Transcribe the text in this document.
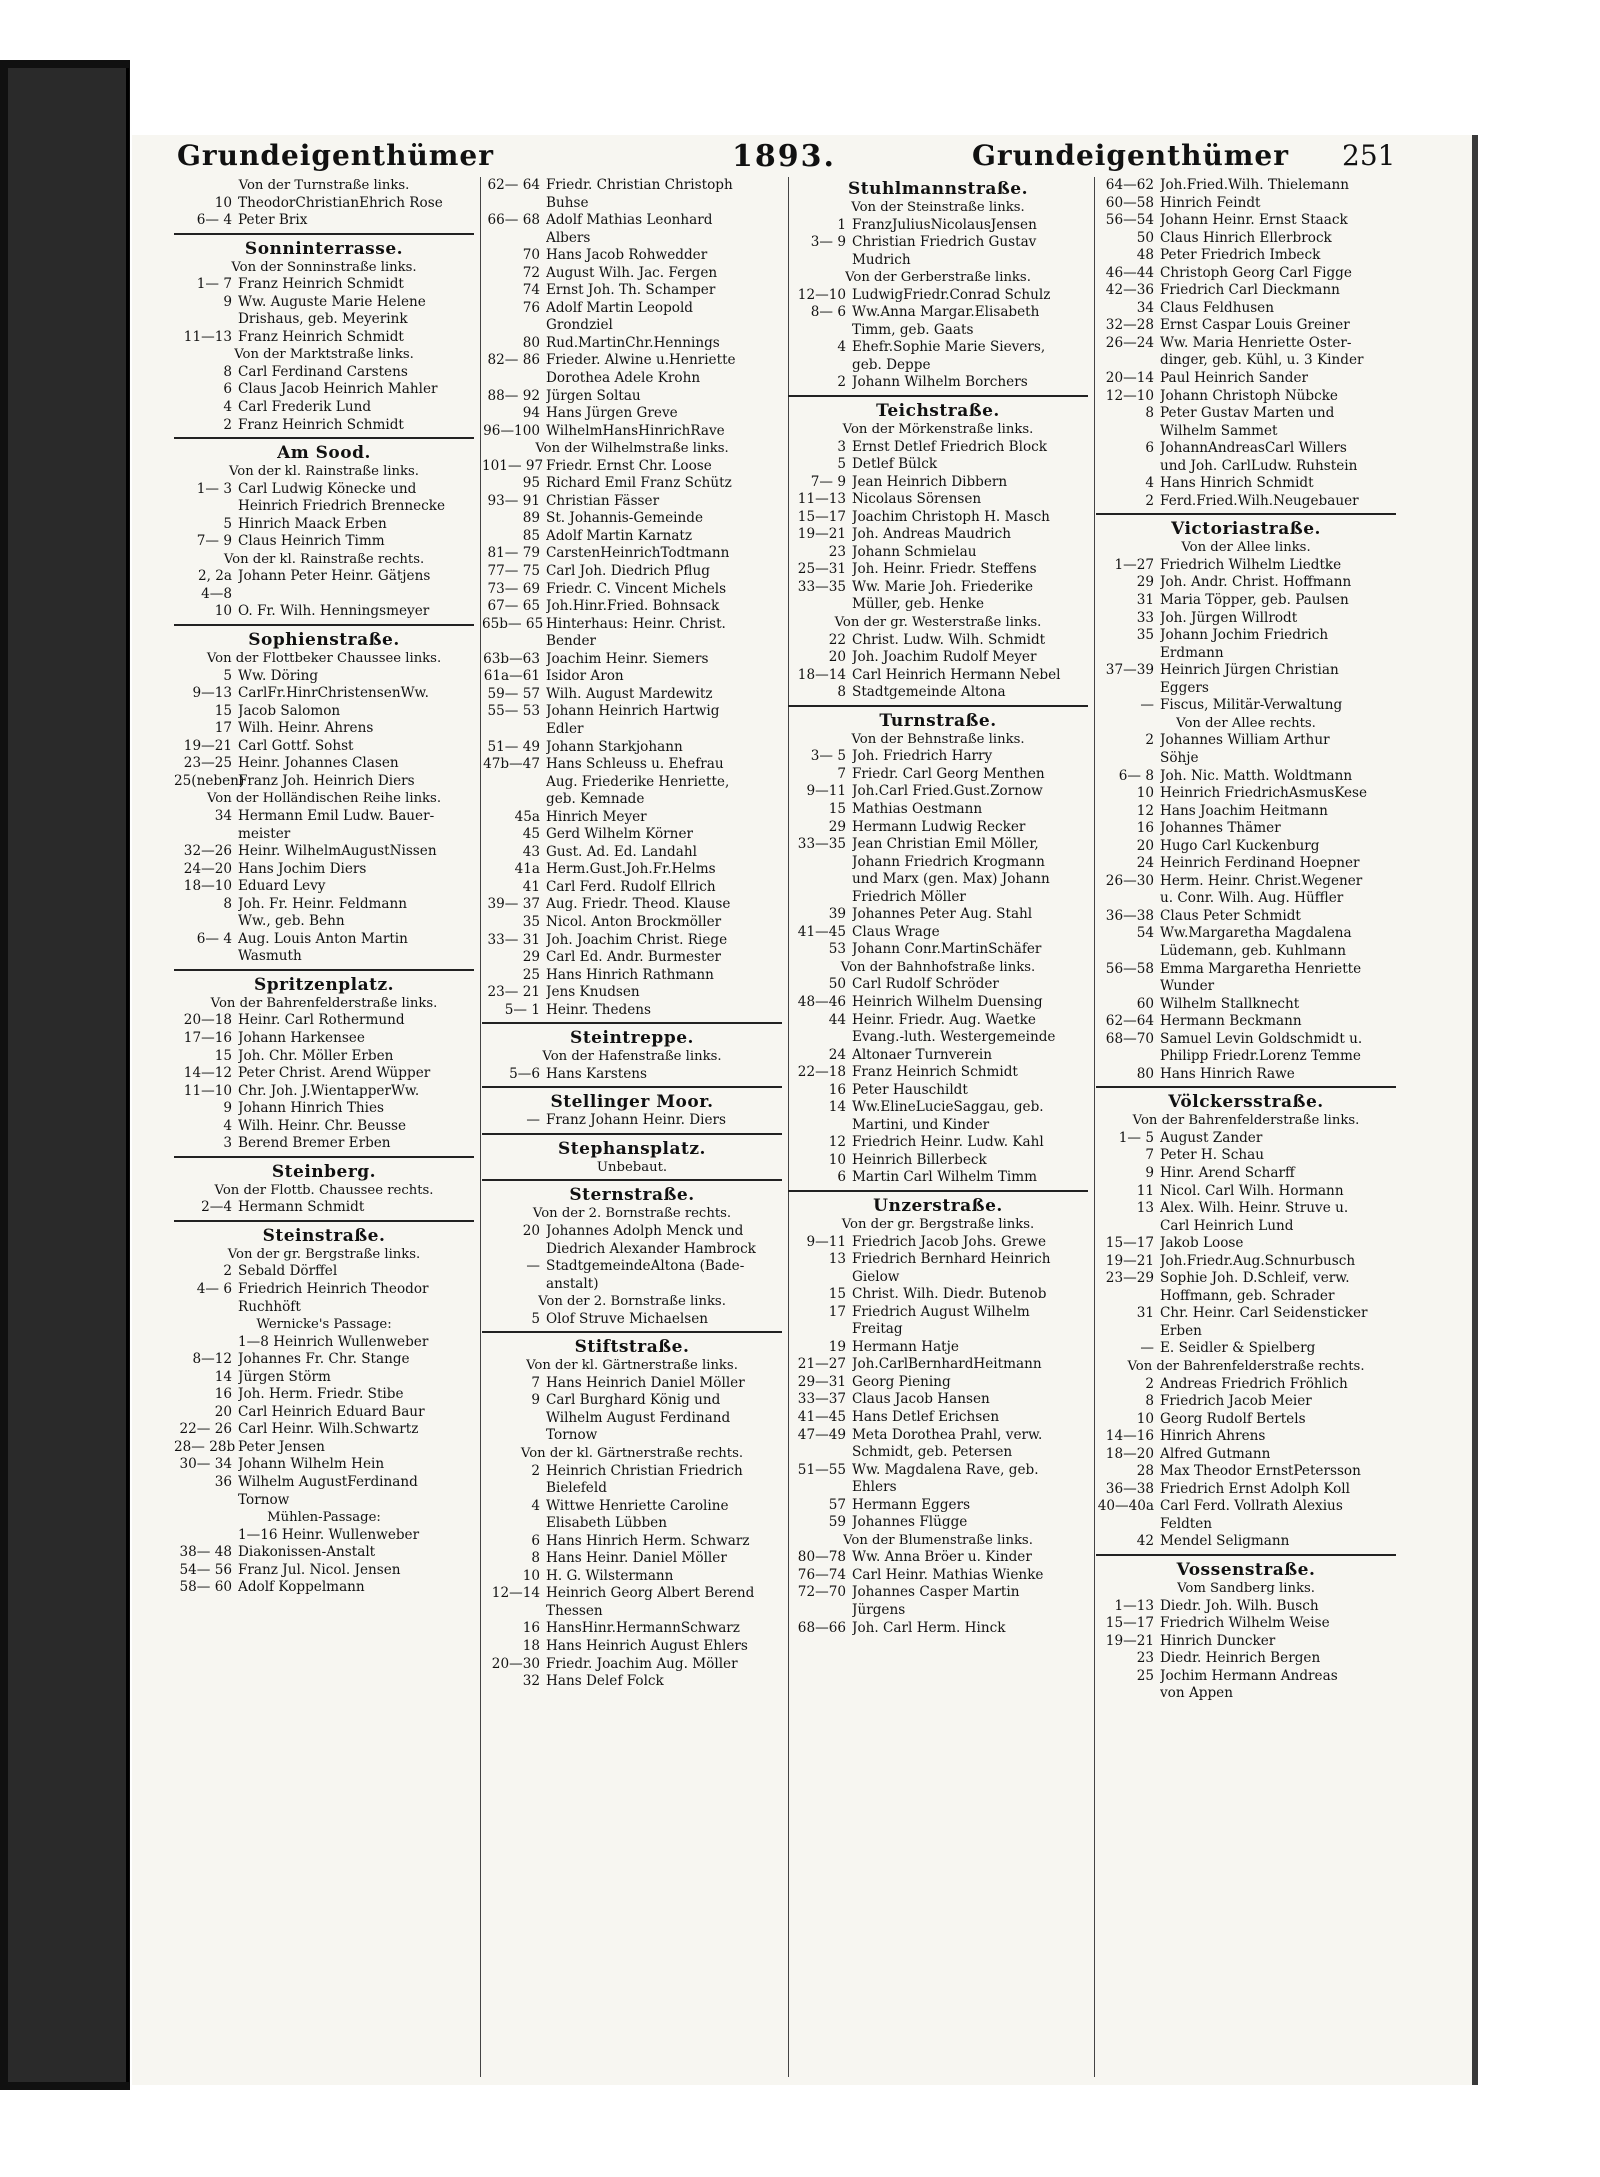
Grundeigenthümer	1893.	Grundeigenthümer 251
Von der Turnstraße links.
10 TheodorChristianEhrich Rose
6— 4 Peter Brix
Sonninterrasse.
Von der Sonninstraße links.
1— 7 Franz Heinrich Schmidt
9 Ww. Auguste Marie Helene
Drishaus, geb. Meyerink
11—13 Franz Heinrich Schmidt
Von der Marktstraße links.
8 Carl Ferdinand Carstens
6 Claus Jacob Heinrich Mahler
4 Carl Frederik Lund
2 Franz Heinrich Schmidt
Am Sood.
Von der kl. Rainstraße links.
1— 3 Carl Ludwig Könecke und
Heinrich Friedrich Brennecke
5 Hinrich Maack Erben
7— 9 Claus Heinrich Timm
Von der kl. Rainstraße rechts.
2, 2a Johann Peter Heinr. Gätjens
4—8
10 O. Fr. Wilh. Henningsmeyer
Sophienstraße.
Von der Flottbeker Chaussee links.
5 Ww. Döring
9—13 CarlFr.HinrChristensenWw.
15 Jacob Salomon
17 Wilh. Heinr. Ahrens
19—21 Carl Gottf. Sohst
23—25 Heinr. Johannes Clasen
25(neben)
Franz Joh. Heinrich Diers
Von der Holländischen Reihe links.
34 Hermann Emil Ludw. Bauer-
meister
32—26 Heinr. WilhelmAugustNissen
24—20 Hans Jochim Diers
18—10 Eduard Levy
8 Joh. Fr. Heinr. Feldmann
Ww., geb. Behn
6— 4 Aug. Louis Anton Martin
Wasmuth
Spritzenplatz.
Von der Bahrenfelderstraße links.
20—18 Heinr. Carl Rothermund
17—16 Johann Harkensee
15 Joh. Chr. Möller Erben
14—12 Peter Christ. Arend Wüpper
11—10 Chr. Joh. J.WientapperWw.
9 Johann Hinrich Thies
4 Wilh. Heinr. Chr. Beusse
3 Berend Bremer Erben
Steinberg.
Von der Flottb. Chaussee rechts.
2—4 Hermann Schmidt
Steinstraße.
Von der gr. Bergstraße links.
2 Sebald Dörffel
4— 6 Friedrich Heinrich Theodor
Ruchhöft
Wernicke's Passage:
1—8 Heinrich Wullenweber
8—12 Johannes Fr. Chr. Stange
14 Jürgen Störm
16 Joh. Herm. Friedr. Stibe
20 Carl Heinrich Eduard Baur
22— 26 Carl Heinr. Wilh.Schwartz
28— 28b Peter Jensen
30— 34 Johann Wilhelm Hein
36 Wilhelm AugustFerdinand
Tornow
Mühlen-Passage:
1—16 Heinr. Wullenweber
38— 48 Diakonissen-Anstalt
54— 56 Franz Jul. Nicol. Jensen
58— 60 Adolf Koppelmann
62— 64 Friedr. Christian Christoph
Buhse
66— 68 Adolf Mathias Leonhard
Albers
70 Hans Jacob Rohwedder
72 August Wilh. Jac. Fergen
74 Ernst Joh. Th. Schamper
76 Adolf Martin Leopold
Grondziel
80 Rud.MartinChr.Hennings
82— 86 Frieder. Alwine u.Henriette
Dorothea Adele Krohn
88— 92 Jürgen Soltau
94 Hans Jürgen Greve
96—100 WilhelmHansHinrichRave
Von der Wilhelmstraße links.
101— 97 Friedr. Ernst Chr. Loose
95 Richard Emil Franz Schütz
93— 91 Christian Fässer
89 St. Johannis-Gemeinde
85 Adolf Martin Karnatz
81— 79 CarstenHeinrichTodtmann
77— 75 Carl Joh. Diedrich Pflug
73— 69 Friedr. C. Vincent Michels
67— 65 Joh.Hinr.Fried. Bohnsack
65b— 65 Hinterhaus: Heinr. Christ.
Bender
63b—63 Joachim Heinr. Siemers
61a—61 Isidor Aron
59— 57 Wilh. August Mardewitz
55— 53 Johann Heinrich Hartwig
Edler
51— 49 Johann Starkjohann
47b—47 Hans Schleuss u. Ehefrau
Aug. Friederike Henriette,
geb. Kemnade
45a Hinrich Meyer
45 Gerd Wilhelm Körner
43 Gust. Ad. Ed. Landahl
41a Herm.Gust.Joh.Fr.Helms
41 Carl Ferd. Rudolf Ellrich
39— 37 Aug. Friedr. Theod. Klause
35 Nicol. Anton Brockmöller
33— 31 Joh. Joachim Christ. Riege
29 Carl Ed. Andr. Burmester
25 Hans Hinrich Rathmann
23— 21 Jens Knudsen
5— 1 Heinr. Thedens
Steintreppe.
Von der Hafenstraße links.
5—6 Hans Karstens
Stellinger Moor.
— Franz Johann Heinr. Diers
Stephansplatz.
Unbebaut.
Sternstraße.
Von der 2. Bornstraße rechts.
20 Johannes Adolph Menck und
Diedrich Alexander Hambrock
— StadtgemeindeAltona (Bade-
anstalt)
Von der 2. Bornstraße links.
5 Olof Struve Michaelsen
Stiftstraße.
Von der kl. Gärtnerstraße links.
7 Hans Heinrich Daniel Möller
9 Carl Burghard König und
Wilhelm August Ferdinand
Tornow
Von der kl. Gärtnerstraße rechts.
2 Heinrich Christian Friedrich
Bielefeld
4 Wittwe Henriette Caroline
Elisabeth Lübben
6 Hans Hinrich Herm. Schwarz
8 Hans Heinr. Daniel Möller
10 H. G. Wilstermann
12—14 Heinrich Georg Albert Berend
Thessen
16 HansHinr.HermannSchwarz
18 Hans Heinrich August Ehlers
20—30 Friedr. Joachim Aug. Möller
32 Hans Delef Folck
Stuhlmannstraße.
Von der Steinstraße links.
1 FranzJuliusNicolausJensen
3— 9 Christian Friedrich Gustav
Mudrich
Von der Gerberstraße links.
12—10 LudwigFriedr.Conrad Schulz
8— 6 Ww.Anna Margar.Elisabeth
Timm, geb. Gaats
4 Ehefr.Sophie Marie Sievers,
geb. Deppe
2 Johann Wilhelm Borchers
Teichstraße.
Von der Mörkenstraße links.
3 Ernst Detlef Friedrich Block
5 Detlef Bülck
7— 9 Jean Heinrich Dibbern
11—13 Nicolaus Sörensen
15—17 Joachim Christoph H. Masch
19—21 Joh. Andreas Maudrich
23 Johann Schmielau
25—31 Joh. Heinr. Friedr. Steffens
33—35 Ww. Marie Joh. Friederike
Müller, geb. Henke
Von der gr. Westerstraße links.
22 Christ. Ludw. Wilh. Schmidt
20 Joh. Joachim Rudolf Meyer
18—14 Carl Heinrich Hermann Nebel
8 Stadtgemeinde Altona
Turnstraße.
Von der Behnstraße links.
3— 5 Joh. Friedrich Harry
7 Friedr. Carl Georg Menthen
9—11 Joh.Carl Fried.Gust.Zornow
15 Mathias Oestmann
29 Hermann Ludwig Recker
33—35 Jean Christian Emil Möller,
Johann Friedrich Krogmann
und Marx (gen. Max) Johann
Friedrich Möller
39 Johannes Peter Aug. Stahl
41—45 Claus Wrage
53 Johann Conr.MartinSchäfer
Von der Bahnhofstraße links.
50 Carl Rudolf Schröder
48—46 Heinrich Wilhelm Duensing
44 Heinr. Friedr. Aug. Waetke
Evang.-luth. Westergemeinde
24 Altonaer Turnverein
22—18 Franz Heinrich Schmidt
16 Peter Hauschildt
14 Ww.ElineLucieSaggau, geb.
Martini, und Kinder
12 Friedrich Heinr. Ludw. Kahl
10 Heinrich Billerbeck
6 Martin Carl Wilhelm Timm
Unzerstraße.
Von der gr. Bergstraße links.
9—11 Friedrich Jacob Johs. Grewe
13 Friedrich Bernhard Heinrich
Gielow
15 Christ. Wilh. Diedr. Butenob
17 Friedrich August Wilhelm
Freitag
19 Hermann Hatje
21—27 Joh.CarlBernhardHeitmann
29—31 Georg Piening
33—37 Claus Jacob Hansen
41—45 Hans Detlef Erichsen
47—49 Meta Dorothea Prahl, verw.
Schmidt, geb. Petersen
51—55 Ww. Magdalena Rave, geb.
Ehlers
57 Hermann Eggers
59 Johannes Flügge
Von der Blumenstraße links.
80—78 Ww. Anna Bröer u. Kinder
76—74 Carl Heinr. Mathias Wienke
72—70 Johannes Casper Martin
Jürgens
68—66 Joh. Carl Herm. Hinck
64—62 Joh.Fried.Wilh. Thielemann
60—58 Hinrich Feindt
56—54 Johann Heinr. Ernst Staack
50 Claus Hinrich Ellerbrock
48 Peter Friedrich Imbeck
46—44 Christoph Georg Carl Figge
42—36 Friedrich Carl Dieckmann
34 Claus Feldhusen
32—28 Ernst Caspar Louis Greiner
26—24 Ww. Maria Henriette Oster-
dinger, geb. Kühl, u. 3 Kinder
20—14 Paul Heinrich Sander
12—10 Johann Christoph Nübcke
8 Peter Gustav Marten und
Wilhelm Sammet
6 JohannAndreasCarl Willers
und Joh. CarlLudw. Ruhstein
4 Hans Hinrich Schmidt
2 Ferd.Fried.Wilh.Neugebauer
Victoriastraße.
Von der Allee links.
1—27 Friedrich Wilhelm Liedtke
29 Joh. Andr. Christ. Hoffmann
31 Maria Töpper, geb. Paulsen
33 Joh. Jürgen Willrodt
35 Johann Jochim Friedrich
Erdmann
37—39 Heinrich Jürgen Christian
Eggers
— Fiscus, Militär-Verwaltung
Von der Allee rechts.
2 Johannes William Arthur
Söhje
6— 8 Joh. Nic. Matth. Woldtmann
10 Heinrich FriedrichAsmusKese
12 Hans Joachim Heitmann
16 Johannes Thämer
20 Hugo Carl Kuckenburg
24 Heinrich Ferdinand Hoepner
26—30 Herm. Heinr. Christ.Wegener
u. Conr. Wilh. Aug. Hüffler
36—38 Claus Peter Schmidt
54 Ww.Margaretha Magdalena
Lüdemann, geb. Kuhlmann
56—58 Emma Margaretha Henriette
Wunder
60 Wilhelm Stallknecht
62—64 Hermann Beckmann
68—70 Samuel Levin Goldschmidt u.
Philipp Friedr.Lorenz Temme
80 Hans Hinrich Rawe
Völckersstraße.
Von der Bahrenfelderstraße links.
1— 5 August Zander
7 Peter H. Schau
9 Hinr. Arend Scharff
11 Nicol. Carl Wilh. Hormann
13 Alex. Wilh. Heinr. Struve u.
Carl Heinrich Lund
15—17 Jakob Loose
19—21 Joh.Friedr.Aug.Schnurbusch
23—29 Sophie Joh. D.Schleif, verw.
Hoffmann, geb. Schrader
31 Chr. Heinr. Carl Seidensticker
Erben
— E. Seidler & Spielberg
Von der Bahrenfelderstraße rechts.
2 Andreas Friedrich Fröhlich
8 Friedrich Jacob Meier
10 Georg Rudolf Bertels
14—16 Hinrich Ahrens
18—20 Alfred Gutmann
28 Max Theodor ErnstPetersson
36—38 Friedrich Ernst Adolph Koll
40—40a Carl Ferd. Vollrath Alexius
Feldten
42 Mendel Seligmann
Vossenstraße.
Vom Sandberg links.
1—13 Diedr. Joh. Wilh. Busch
15—17 Friedrich Wilhelm Weise
19—21 Hinrich Duncker
23 Diedr. Heinrich Bergen
25 Jochim Hermann Andreas
von Appen
